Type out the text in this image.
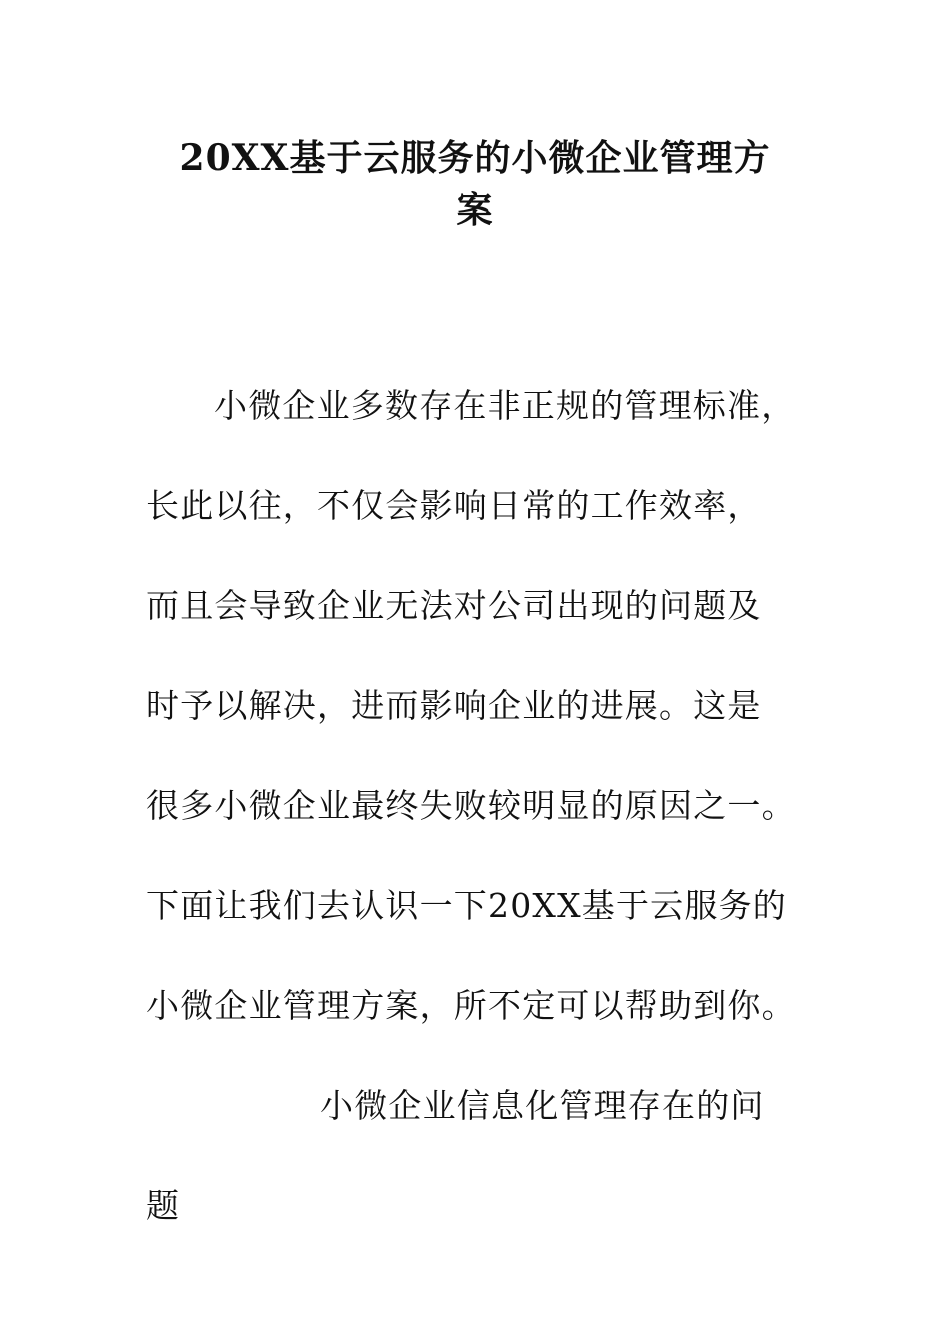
20XX基于云服务的小微企业管理方
案
小微企业多数存在非正规的管理标准，
长此以往，不仅会影响日常的工作效率，
而且会导致企业无法对公司出现的问题及
时予以解决，进而影响企业的进展。这是
很多小微企业最终失败较明显的原因之一。
下面让我们去认识一下20XX基于云服务的
小微企业管理方案，所不定可以帮助到你。
小微企业信息化管理存在的问
题
